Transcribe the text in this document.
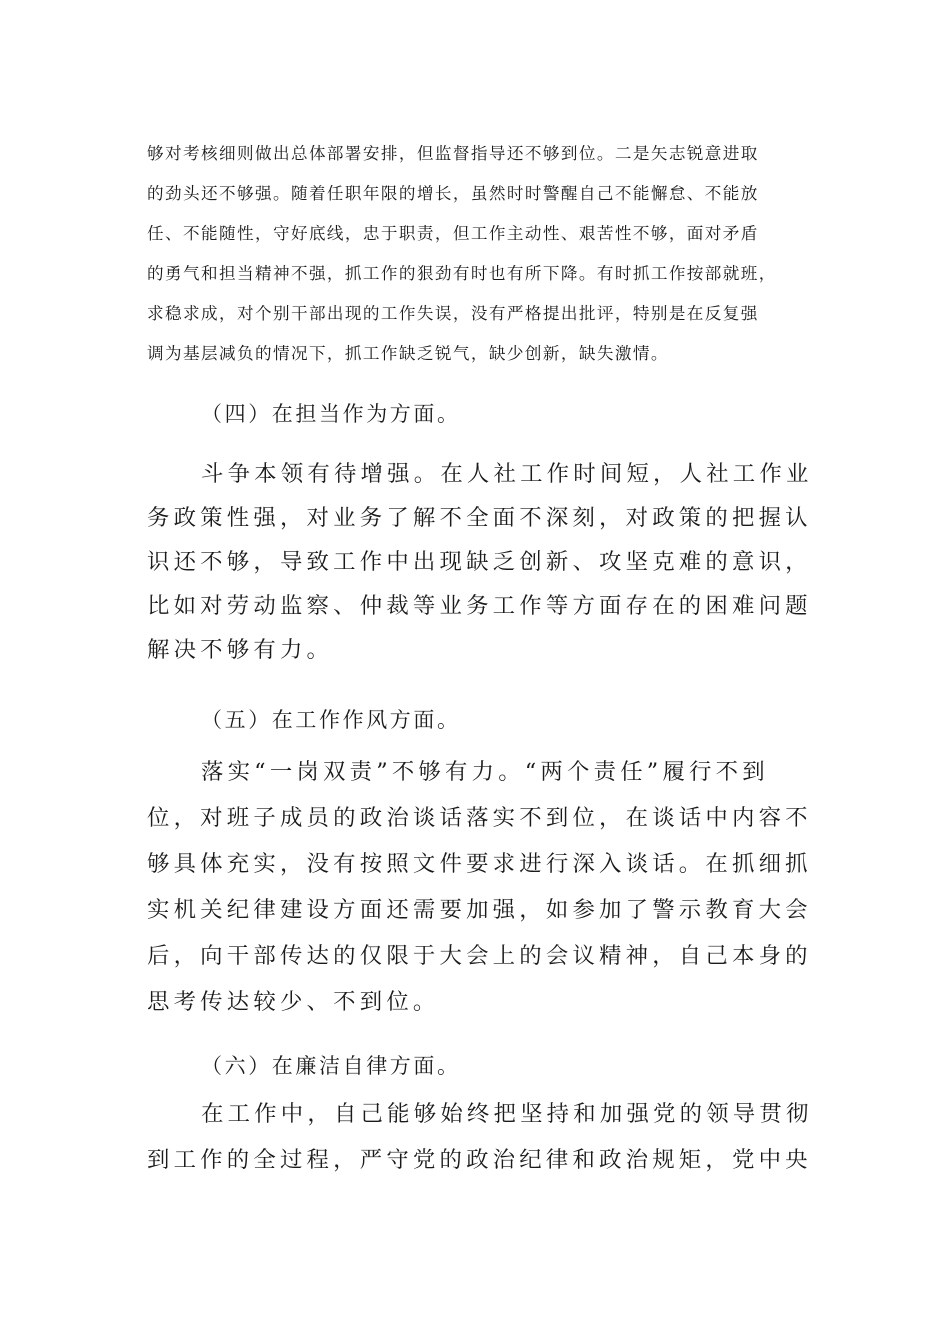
够对考核细则做出总体部署安排，但监督指导还不够到位。二是矢志锐意进取

的劲头还不够强。随着任职年限的增长，虽然时时警醒自己不能懈怠、不能放

任、不能随性，守好底线，忠于职责，但工作主动性、艰苦性不够，面对矛盾

的勇气和担当精神不强，抓工作的狠劲有时也有所下降。有时抓工作按部就班，

求稳求成，对个别干部出现的工作失误，没有严格提出批评，特别是在反复强

调为基层减负的情况下，抓工作缺乏锐气，缺少创新，缺失激情。

（四）在担当作为方面。

斗争本领有待增强。在人社工作时间短，人社工作业

务政策性强，对业务了解不全面不深刻，对政策的把握认

识还不够，导致工作中出现缺乏创新、攻坚克难的意识，

比如对劳动监察、仲裁等业务工作等方面存在的困难问题

解决不够有力。

（五）在工作作风方面。

落实“一岗双责”不够有力。“两个责任”履行不到

位，对班子成员的政治谈话落实不到位，在谈话中内容不

够具体充实，没有按照文件要求进行深入谈话。在抓细抓

实机关纪律建设方面还需要加强，如参加了警示教育大会

后，向干部传达的仅限于大会上的会议精神，自己本身的

思考传达较少、不到位。

（六）在廉洁自律方面。

在工作中，自己能够始终把坚持和加强党的领导贯彻

到工作的全过程，严守党的政治纪律和政治规矩，党中央
